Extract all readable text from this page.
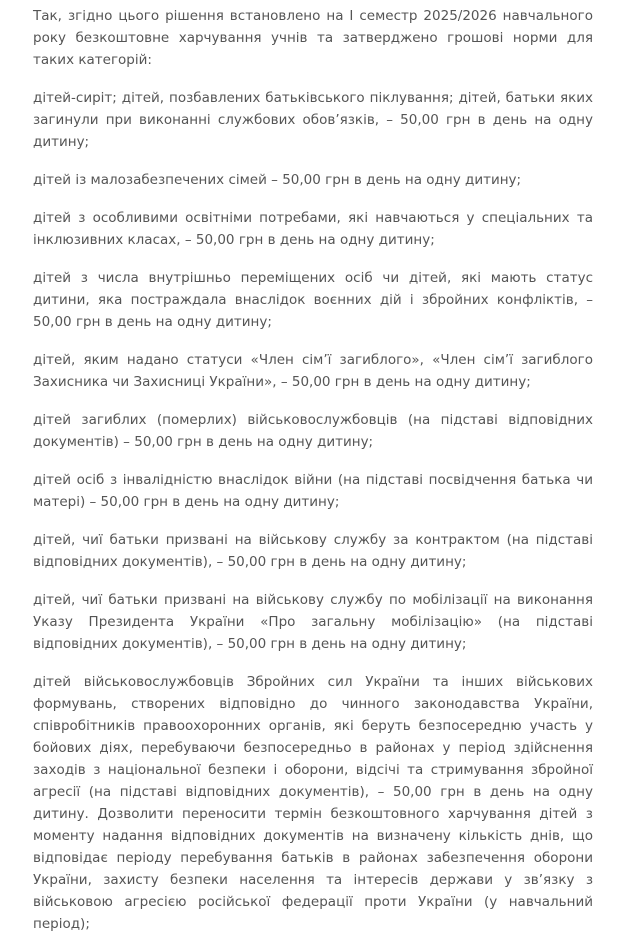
Так, згідно цього рішення встановлено на І семестр 2025/2026 навчального року безкоштовне харчування учнів та затверджено грошові норми для таких категорій:

дітей-сиріт; дітей, позбавлених батьківського піклування; дітей, батьки яких загинули при виконанні службових обов’язків, – 50,00 грн в день на одну дитину;

дітей із малозабезпечених сімей – 50,00 грн в день на одну дитину;

дітей з особливими освітніми потребами, які навчаються у спеціальних та інклюзивних класах, – 50,00 грн в день на одну дитину;

дітей з числа внутрішньо переміщених осіб чи дітей, які мають статус дитини, яка постраждала внаслідок воєнних дій і збройних конфліктів, – 50,00 грн в день на одну дитину;

дітей, яким надано статуси «Член сім’ї загиблого», «Член сім’ї загиблого Захисника чи Захисниці України», – 50,00 грн в день на одну дитину;

дітей загиблих (померлих) військовослужбовців (на підставі відповідних документів) – 50,00 грн в день на одну дитину;

дітей осіб з інвалідністю внаслідок війни (на підставі посвідчення батька чи матері) – 50,00 грн в день на одну дитину;

дітей, чиї батьки призвані на військову службу за контрактом (на підставі відповідних документів), – 50,00 грн в день на одну дитину;

дітей, чиї батьки призвані на військову службу по мобілізації на виконання Указу Президента України «Про загальну мобілізацію» (на підставі відповідних документів), – 50,00 грн в день на одну дитину;

дітей військовослужбовців Збройних сил України та інших військових формувань, створених відповідно до чинного законодавства України, співробітників правоохоронних органів, які беруть безпосередню участь у бойових діях, перебуваючи безпосередньо в районах у період здійснення заходів з національної безпеки і оборони, відсічі та стримування збройної агресії (на підставі відповідних документів), – 50,00 грн в день на одну дитину. Дозволити переносити термін безкоштовного харчування дітей з моменту надання відповідних документів на визначену кількість днів, що відповідає періоду перебування батьків в районах забезпечення оборони України, захисту безпеки населення та інтересів держави у зв’язку з військовою агресією російської федерації проти України (у навчальний період);
